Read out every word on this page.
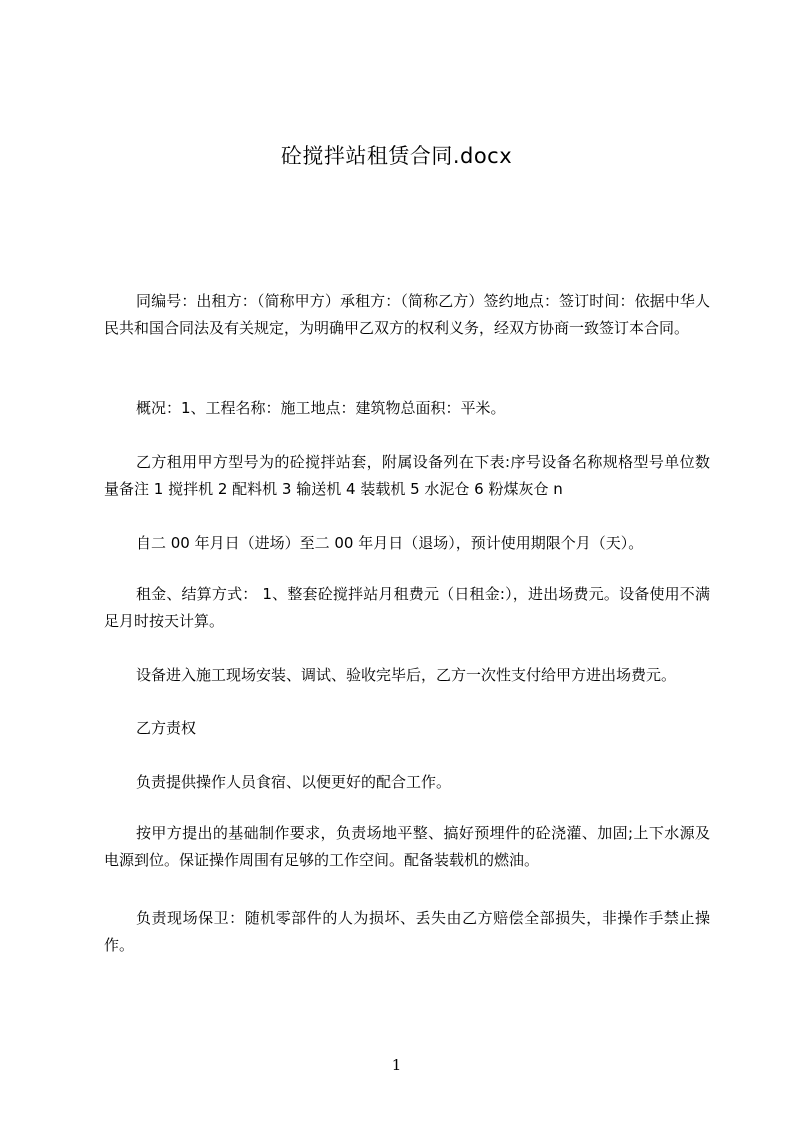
砼搅拌站租赁合同.docx

同编号：出租方：（简称甲方）承租方：（简称乙方）签约地点：签订时间：依据中华人民共和国合同法及有关规定，为明确甲乙双方的权利义务，经双方协商一致签订本合同。

概况：1、工程名称：施工地点：建筑物总面积：平米。

乙方租用甲方型号为的砼搅拌站套，附属设备列在下表:序号设备名称规格型号单位数量备注 1 搅拌机 2 配料机 3 输送机 4 装载机 5 水泥仓 6 粉煤灰仓 n

自二 00 年月日（进场）至二 00 年月日（退场），预计使用期限个月（天）。

租金、结算方式： 1、整套砼搅拌站月租费元（日租金:），进出场费元。设备使用不满足月时按天计算。

设备进入施工现场安装、调试、验收完毕后，乙方一次性支付给甲方进出场费元。

乙方责权

负责提供操作人员食宿、以便更好的配合工作。

按甲方提出的基础制作要求，负责场地平整、搞好预埋件的砼浇灌、加固;上下水源及电源到位。保证操作周围有足够的工作空间。配备装载机的燃油。

负责现场保卫：随机零部件的人为损坏、丢失由乙方赔偿全部损失，非操作手禁止操作。

1
